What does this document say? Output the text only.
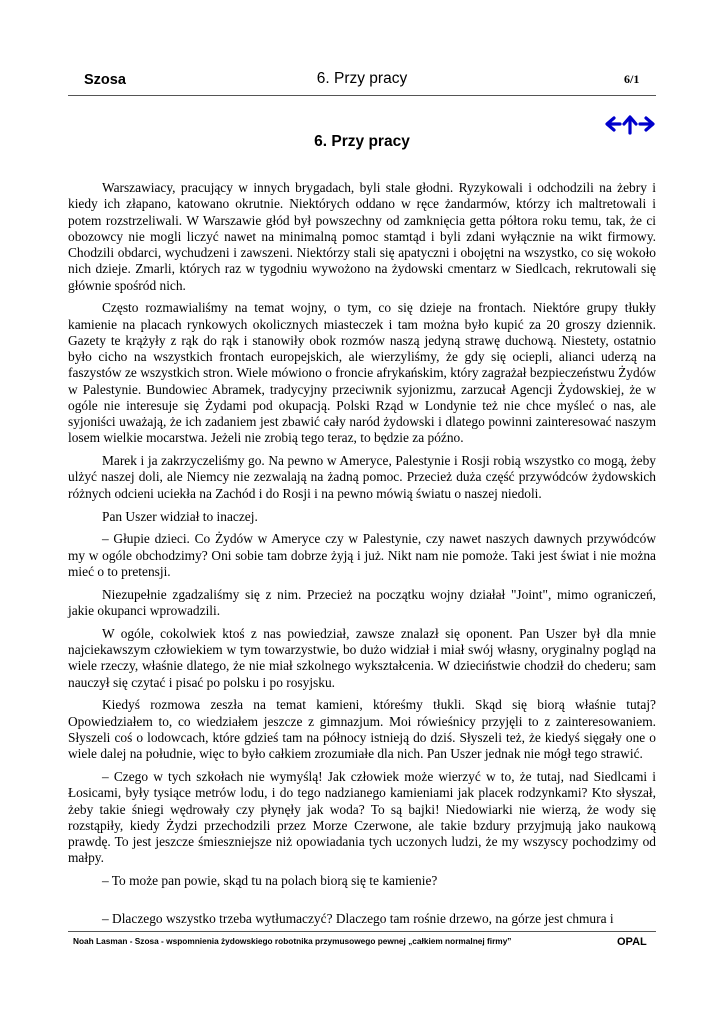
Szosa	6. Przy pracy	6/1
6. Przy pracy

Warszawiacy, pracujący w innych brygadach, byli stale głodni. Ryzykowali i odchodzili na żebry i kiedy ich złapano, katowano okrutnie. Niektórych oddano w ręce żandarmów, którzy ich maltretowali i potem rozstrzeliwali. W Warszawie głód był powszechny od zamknięcia getta półtora roku temu, tak, że ci obozowcy nie mogli liczyć nawet na minimalną pomoc stamtąd i byli zdani wyłącznie na wikt firmowy. Chodzili obdarci, wychudzeni i zawszeni. Niektórzy stali się apatyczni i obojętni na wszystko, co się wokoło nich dzieje. Zmarli, których raz w tygodniu wywożono na żydowski cmentarz w Siedlcach, rekrutowali się głównie spośród nich.

Często rozmawialiśmy na temat wojny, o tym, co się dzieje na frontach. Niektóre grupy tłukły kamienie na placach rynkowych okolicznych miasteczek i tam można było kupić za 20 groszy dziennik. Gazety te krążyły z rąk do rąk i stanowiły obok rozmów naszą jedyną strawę duchową. Niestety, ostatnio było cicho na wszystkich frontach europejskich, ale wierzyliśmy, że gdy się ociepli, alianci uderzą na faszystów ze wszystkich stron. Wiele mówiono o froncie afrykańskim, który zagrażał bezpieczeństwu Żydów w Palestynie. Bundowiec Abramek, tradycyjny przeciwnik syjonizmu, zarzucał Agencji Żydowskiej, że w ogóle nie interesuje się Żydami pod okupacją. Polski Rząd w Londynie też nie chce myśleć o nas, ale syjoniści uważają, że ich zadaniem jest zbawić cały naród żydowski i dlatego powinni zainteresować naszym losem wielkie mocarstwa. Jeżeli nie zrobią tego teraz, to będzie za późno.

Marek i ja zakrzyczeliśmy go. Na pewno w Ameryce, Palestynie i Rosji robią wszystko co mogą, żeby ulżyć naszej doli, ale Niemcy nie zezwalają na żadną pomoc. Przecież duża część przywódców żydowskich różnych odcieni uciekła na Zachód i do Rosji i na pewno mówią światu o naszej niedoli.

Pan Uszer widział to inaczej.

– Głupie dzieci. Co Żydów w Ameryce czy w Palestynie, czy nawet naszych dawnych przywódców my w ogóle obchodzimy? Oni sobie tam dobrze żyją i już. Nikt nam nie pomoże. Taki jest świat i nie można mieć o to pretensji.

Niezupełnie zgadzaliśmy się z nim. Przecież na początku wojny działał "Joint", mimo ograniczeń, jakie okupanci wprowadzili.

W ogóle, cokolwiek ktoś z nas powiedział, zawsze znalazł się oponent. Pan Uszer był dla mnie najciekawszym człowiekiem w tym towarzystwie, bo dużo widział i miał swój własny, oryginalny pogląd na wiele rzeczy, właśnie dlatego, że nie miał szkolnego wykształcenia. W dzieciństwie chodził do chederu; sam nauczył się czytać i pisać po polsku i po rosyjsku.

Kiedyś rozmowa zeszła na temat kamieni, któreśmy tłukli. Skąd się biorą właśnie tutaj? Opowiedziałem to, co wiedziałem jeszcze z gimnazjum. Moi rówieśnicy przyjęli to z zainteresowaniem. Słyszeli coś o lodowcach, które gdzieś tam na północy istnieją do dziś. Słyszeli też, że kiedyś sięgały one o wiele dalej na południe, więc to było całkiem zrozumiałe dla nich. Pan Uszer jednak nie mógł tego strawić.

– Czego w tych szkołach nie wymyślą! Jak człowiek może wierzyć w to, że tutaj, nad Siedlcami i Łosicami, były tysiące metrów lodu, i do tego nadzianego kamieniami jak placek rodzynkami? Kto słyszał, żeby takie śniegi wędrowały czy płynęły jak woda? To są bajki! Niedowiarki nie wierzą, że wody się rozstąpiły, kiedy Żydzi przechodzili przez Morze Czerwone, ale takie bzdury przyjmują jako naukową prawdę. To jest jeszcze śmieszniejsze niż opowiadania tych uczonych ludzi, że my wszyscy pochodzimy od małpy.

– To może pan powie, skąd tu na polach biorą się te kamienie?

– Dlaczego wszystko trzeba wytłumaczyć? Dlaczego tam rośnie drzewo, na górze jest chmura i

Noah Lasman - Szosa - wspomnienia żydowskiego robotnika przymusowego pewnej „całkiem normalnej firmy”	OPAL
